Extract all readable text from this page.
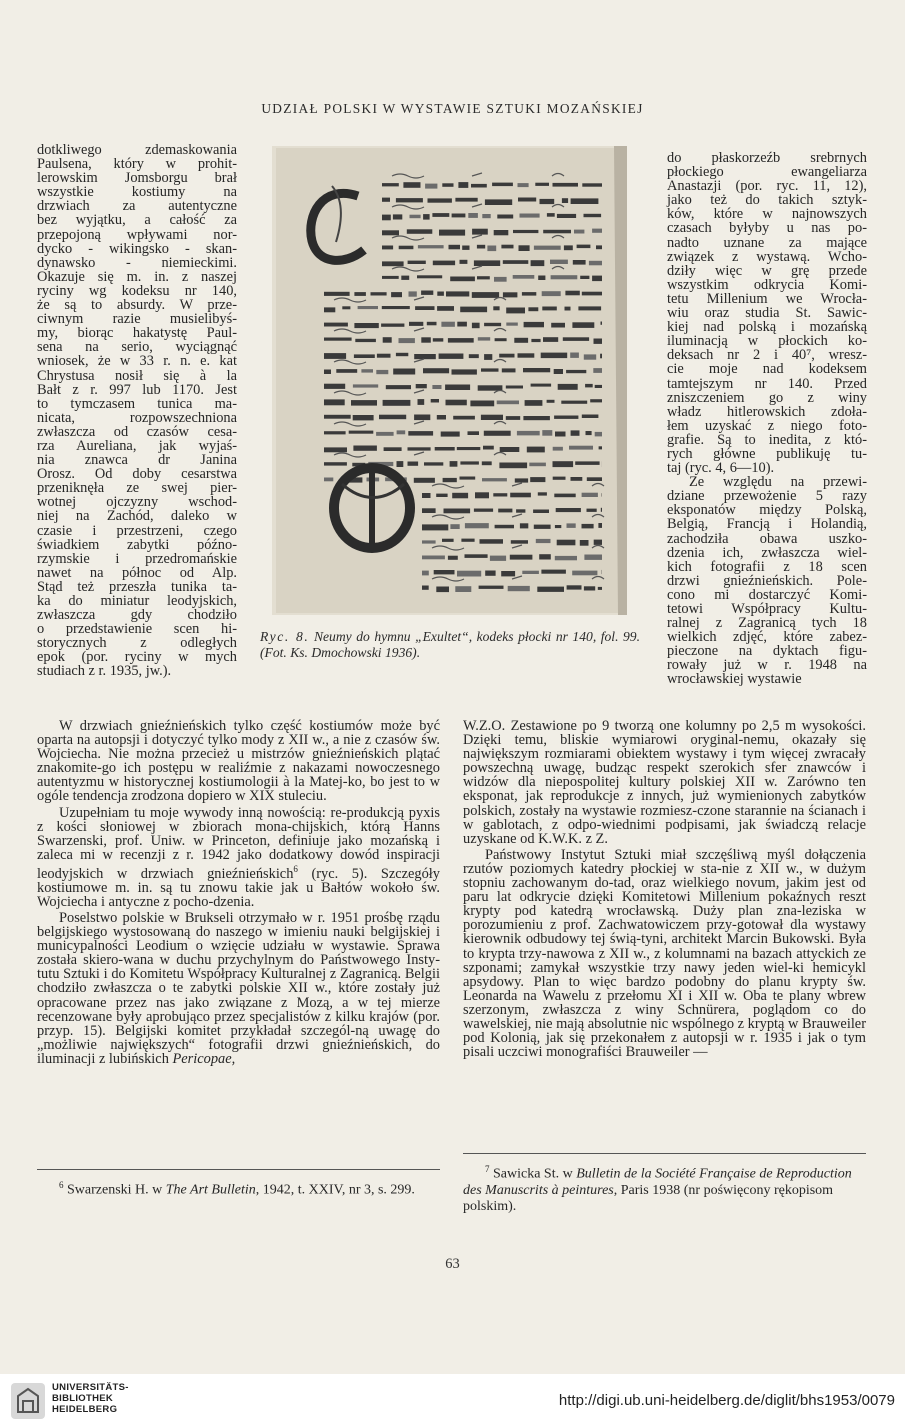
UDZIAŁ POLSKI W WYSTAWIE SZTUKI MOZAŃSKIEJ
dotkliwego zdemaskowania
Paulsena, który w prohit-
lerowskim Jomsborgu brał
wszystkie kostiumy na
drzwiach za autentyczne
bez wyjątku, a całość za
przepojoną wpływami nor-
dycko - wikingsko - skan-
dynawsko - niemieckimi.
Okazuje się m. in. z naszej
ryciny wg kodeksu nr 140,
że są to absurdy. W prze-
ciwnym razie musielibyś-
my, biorąc hakatystę Paul-
sena na serio, wyciągnąć
wniosek, że w 33 r. n. e. kat
Chrystusa nosił się à la
Bałt z r. 997 lub 1170. Jest
to tymczasem tunica ma-
nicata, rozpowszechniona
zwłaszcza od czasów cesa-
rza Aureliana, jak wyjaś-
nia znawca dr Janina
Orosz. Od doby cesarstwa
przeniknęła ze swej pier-
wotnej ojczyzny wschod-
niej na Zachód, daleko w
czasie i przestrzeni, czego
świadkiem zabytki późno-
rzymskie i przedromańskie
nawet na północ od Alp.
Stąd też przeszła tunika ta-
ka do miniatur leodyjskich,
zwłaszcza gdy chodziło
o przedstawienie scen hi-
storycznych z odległych
epok (por. ryciny w mych
studiach z r. 1935, jw.).
do płaskorzeźb srebrnych
płockiego ewangeliarza
Anastazji (por. ryc. 11, 12),
jako też do takich sztyk-
ków, które w najnowszych
czasach byłyby u nas po-
nadto uznane za mające
związek z wystawą. Wcho-
dziły więc w grę przede
wszystkim odkrycia Komi-
tetu Millenium we Wrocła-
wiu oraz studia St. Sawic-
kiej nad polską i mozańską
iluminacją w płockich ko-
deksach nr 2 i 40⁷, wresz-
cie moje nad kodeksem
tamtejszym nr 140. Przed
zniszczeniem go z winy
władz hitlerowskich zdoła-
łem uzyskać z niego foto-
grafie. Są to inedita, z któ-
rych główne publikuję tu-
taj (ryc. 4, 6—10).
Ze względu na przewi-
dziane przewożenie 5 razy
eksponatów między Polską,
Belgią, Francją i Holandią,
zachodziła obawa uszko-
dzenia ich, zwłaszcza wiel-
kich fotografii z 18 scen
drzwi gnieźnieńskich. Pole-
cono mi dostarczyć Komi-
tetowi Współpracy Kultu-
ralnej z Zagranicą tych 18
wielkich zdjęć, które zabez-
pieczone na dyktach figu-
rowały już w r. 1948 na
wrocławskiej wystawie
Ryc. 8. Neumy do hymnu „Exultet“, kodeks płocki nr 140, fol. 99. (Fot. Ks. Dmochowski 1936).

W drzwiach gnieźnieńskich tylko część kostiumów może być oparta na autopsji i dotyczyć tylko mody z XII w., a nie z czasów św. Wojciecha. Nie można przecież u mistrzów gnieźnieńskich plątać znakomite-go ich postępu w realiźmie z nakazami nowoczesnego autentyzmu w historycznej kostiumologii à la Matej-ko, bo jest to w ogóle tendencja zrodzona dopiero w XIX stuleciu.

Uzupełniam tu moje wywody inną nowością: re-produkcją pyxis z kości słoniowej w zbiorach mona-chijskich, którą Hanns Swarzenski, prof. Uniw. w Princeton, definiuje jako mozańską i zaleca mi w recenzji z r. 1942 jako dodatkowy dowód inspiracji leodyjskich w drzwiach gnieźnieńskich$^6$ (ryc. 5). Szczegóły kostiumowe m. in. są tu znowu takie jak u Bałtów wokoło św. Wojciecha i antyczne z pocho-dzenia.

Poselstwo polskie w Brukseli otrzymało w r. 1951 prośbę rządu belgijskiego wystosowaną do naszego w imieniu nauki belgijskiej i municypalności Leodium o wzięcie udziału w wystawie. Sprawa została skiero-wana w duchu przychylnym do Państwowego Insty-tutu Sztuki i do Komitetu Współpracy Kulturalnej z Zagranicą. Belgii chodziło zwłaszcza o te zabytki polskie XII w., które zostały już opracowane przez nas jako związane z Mozą, a w tej mierze recenzowane były aprobująco przez specjalistów z kilku krajów (por. przyp. 15). Belgijski komitet przykładał szczegól-ną uwagę do „możliwie największych“ fotografii drzwi gnieźnieńskich, do iluminacji z lubińskich Pericopae,

W.Z.O. Zestawione po 9 tworzą one kolumny po 2,5 m wysokości. Dzięki temu, bliskie wymiarowi oryginal-nemu, okazały się największym rozmiarami obiektem wystawy i tym więcej zwracały powszechną uwagę, budząc respekt szerokich sfer znawców i widzów dla niepospolitej kultury polskiej XII w. Zarówno ten eksponat, jak reprodukcje z innych, już wymienionych zabytków polskich, zostały na wystawie rozmiesz-czone starannie na ścianach i w gablotach, z odpo-wiednimi podpisami, jak świadczą relacje uzyskane od K.W.K. z Z.

Państwowy Instytut Sztuki miał szczęśliwą myśl dołączenia rzutów poziomych katedry płockiej w sta-nie z XII w., w dużym stopniu zachowanym do-tad, oraz wielkiego novum, jakim jest od paru lat odkrycie dzięki Komitetowi Millenium pokaźnych reszt krypty pod katedrą wrocławską. Duży plan zna-leziska w porozumieniu z prof. Zachwatowiczem przy-gotował dla wystawy kierownik odbudowy tej świą-tyni, architekt Marcin Bukowski. Była to krypta trzy-nawowa z XII w., z kolumnami na bazach attyckich ze szponami; zamykał wszystkie trzy nawy jeden wiel-ki hemicykl apsydowy. Plan to więc bardzo podobny do planu krypty św. Leonarda na Wawelu z przełomu XI i XII w. Oba te plany wbrew szerzonym, zwłaszcza z winy Schnürera, poglądom co do wawelskiej, nie mają absolutnie nic wspólnego z kryptą w Brauweiler pod Kolonią, jak się przekonałem z autopsji w r. 1935 i jak o tym pisali uczciwi monografiści Brauweiler —

$^6$ Swarzenski H. w The Art Bulletin, 1942, t. XXIV, nr 3, s. 299.

$^7$ Sawicka St. w Bulletin de la Société Française de Reproduction des Manuscrits à peintures, Paris 1938 (nr poświęcony rękopisom polskim).

63
UNIVERSITÄTS-
BIBLIOTHEK
HEIDELBERG
http://digi.ub.uni-heidelberg.de/diglit/bhs1953/0079
